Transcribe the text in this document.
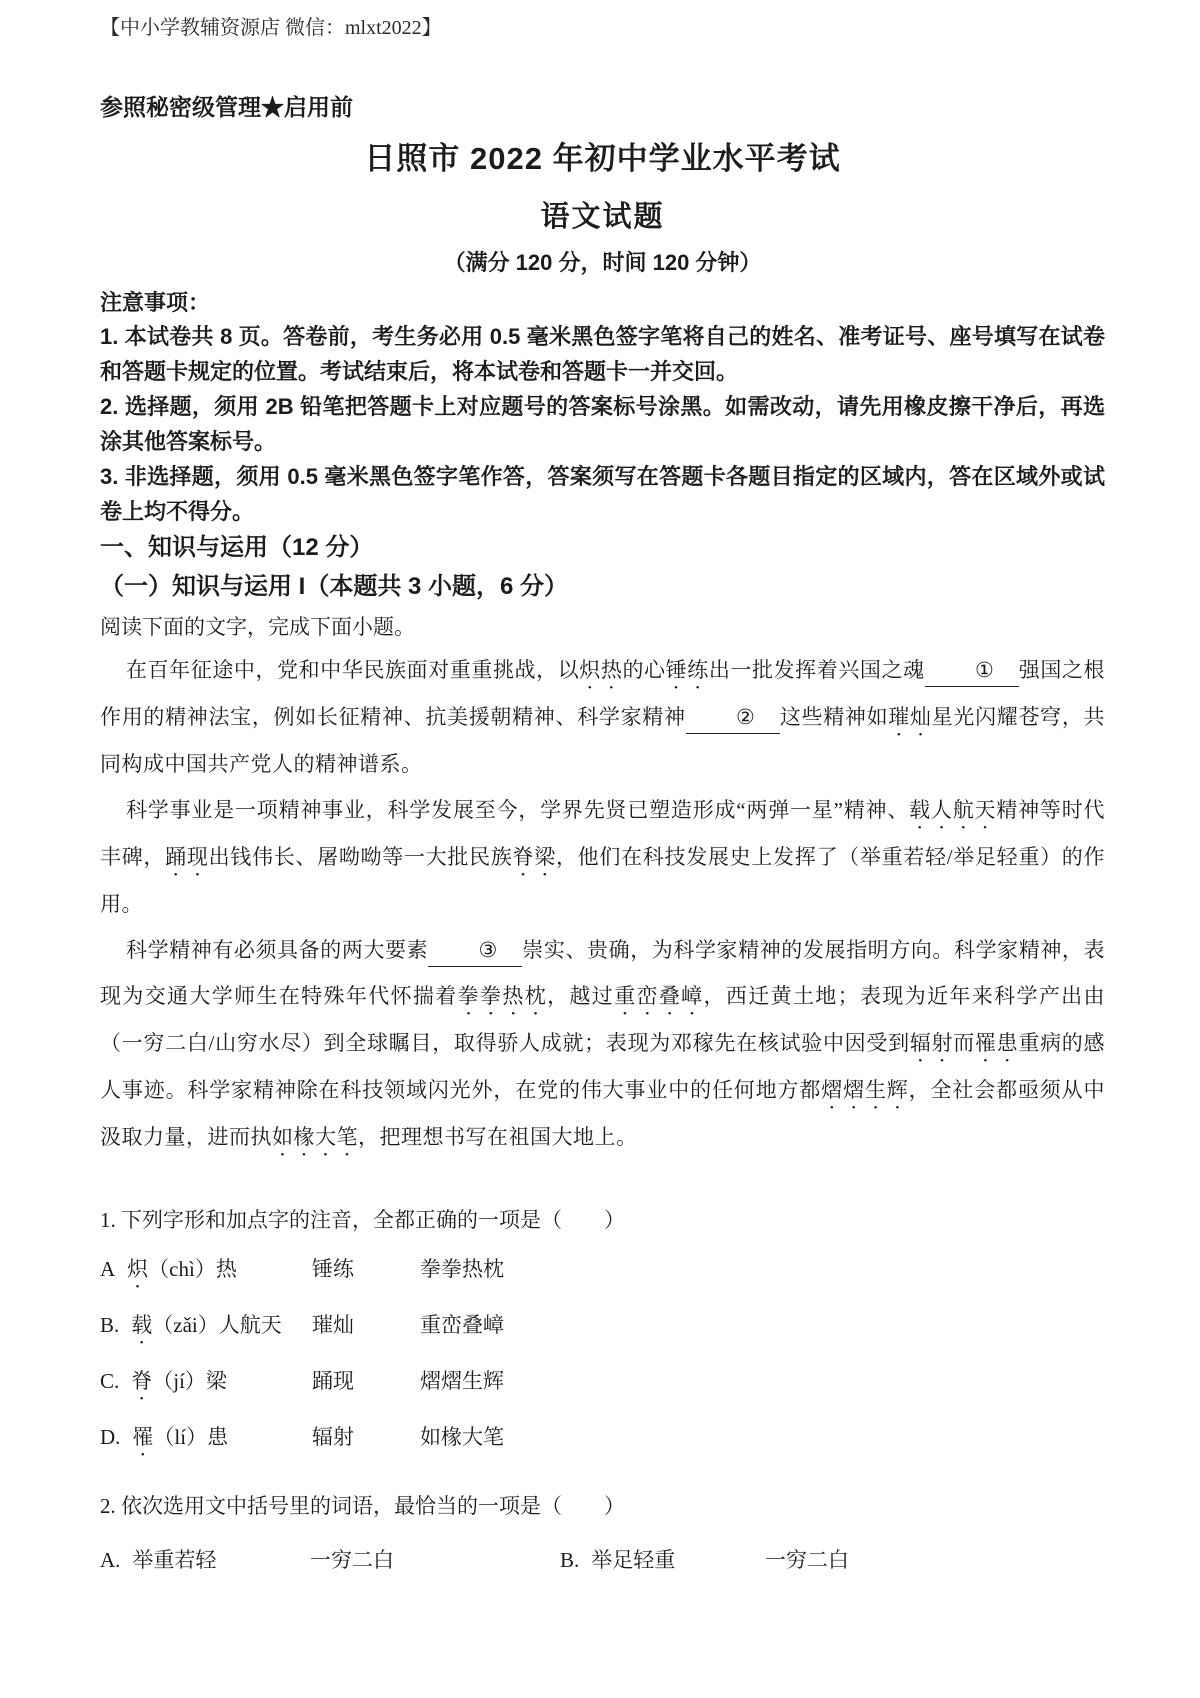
【中小学教辅资源店 微信：mlxt2022】
参照秘密级管理★启用前
日照市 2022 年初中学业水平考试
语文试题
（满分 120 分，时间 120 分钟）
注意事项：
1. 本试卷共 8 页。答卷前，考生务必用 0.5 毫米黑色签字笔将自己的姓名、准考证号、座号填写在试卷和答题卡规定的位置。考试结束后，将本试卷和答题卡一并交回。
2. 选择题，须用 2B 铅笔把答题卡上对应题号的答案标号涂黑。如需改动，请先用橡皮擦干净后，再选涂其他答案标号。
3. 非选择题，须用 0.5 毫米黑色签字笔作答，答案须写在答题卡各题目指定的区域内，答在区域外或试卷上均不得分。
一、知识与运用（12 分）
（一）知识与运用 I（本题共 3 小题，6 分）
阅读下面的文字，完成下面小题。

在百年征途中，党和中华民族面对重重挑战，以炽热的心锤练出一批发挥着兴国之魂 ① 强国之根作用的精神法宝，例如长征精神、抗美援朝精神、科学家精神 ② 这些精神如璀灿星光闪耀苍穹，共同构成中国共产党人的精神谱系。

科学事业是一项精神事业，科学发展至今，学界先贤已塑造形成“两弹一星”精神、载人航天精神等时代丰碑，踊现出钱伟长、屠呦呦等一大批民族脊梁，他们在科技发展史上发挥了（举重若轻/举足轻重）的作用。

科学精神有必须具备的两大要素 ③ 崇实、贵确，为科学家精神的发展指明方向。科学家精神，表现为交通大学师生在特殊年代怀揣着拳拳热枕，越过重峦叠嶂，西迁黄土地；表现为近年来科学产出由（一穷二白/山穷水尽）到全球瞩目，取得骄人成就；表现为邓稼先在核试验中因受到辐射而罹患重病的感人事迹。科学家精神除在科技领域闪光外，在党的伟大事业中的任何地方都熠熠生辉，全社会都亟须从中汲取力量，进而执如椽大笔，把理想书写在祖国大地上。

1. 下列字形和加点字的注音，全都正确的一项是（　　）
A 炽（chì）热	锤练	拳拳热枕
B. 载（zǎi）人航天	璀灿	重峦叠嶂
C. 脊（jí）梁	踊现	熠熠生辉
D. 罹（lí）患	辐射	如椽大笔
2. 依次选用文中括号里的词语，最恰当的一项是（　　）
A. 举重若轻	一穷二白	B. 举足轻重	一穷二白
